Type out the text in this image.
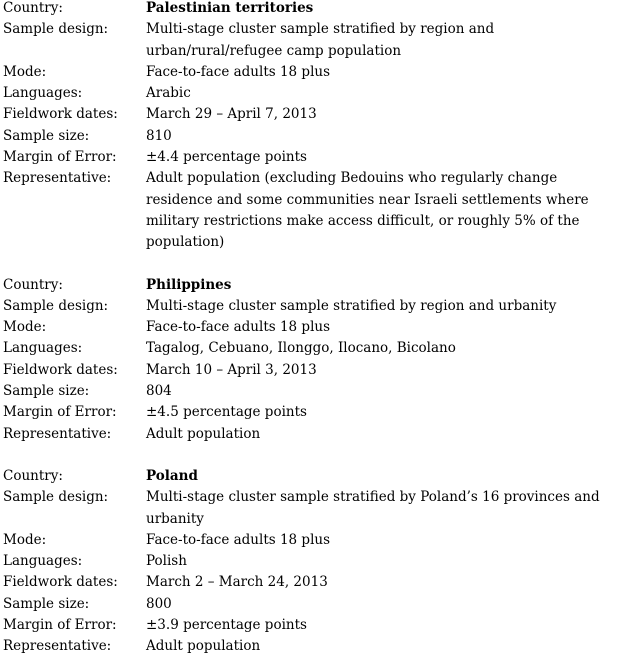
Country:	Palestinian territories
Sample design:	Multi-stage cluster sample stratified by region and urban/rural/refugee camp population
Mode:	Face-to-face adults 18 plus
Languages:	Arabic
Fieldwork dates:	March 29 – April 7, 2013
Sample size:	810
Margin of Error:	±4.4 percentage points
Representative:	Adult population (excluding Bedouins who regularly change residence and some communities near Israeli settlements where military restrictions make access difficult, or roughly 5% of the population)
Country:	Philippines
Sample design:	Multi-stage cluster sample stratified by region and urbanity
Mode:	Face-to-face adults 18 plus
Languages:	Tagalog, Cebuano, Ilonggo, Ilocano, Bicolano
Fieldwork dates:	March 10 – April 3, 2013
Sample size:	804
Margin of Error:	±4.5 percentage points
Representative:	Adult population
Country:	Poland
Sample design:	Multi-stage cluster sample stratified by Poland’s 16 provinces and urbanity
Mode:	Face-to-face adults 18 plus
Languages:	Polish
Fieldwork dates:	March 2 – March 24, 2013
Sample size:	800
Margin of Error:	±3.9 percentage points
Representative:	Adult population
